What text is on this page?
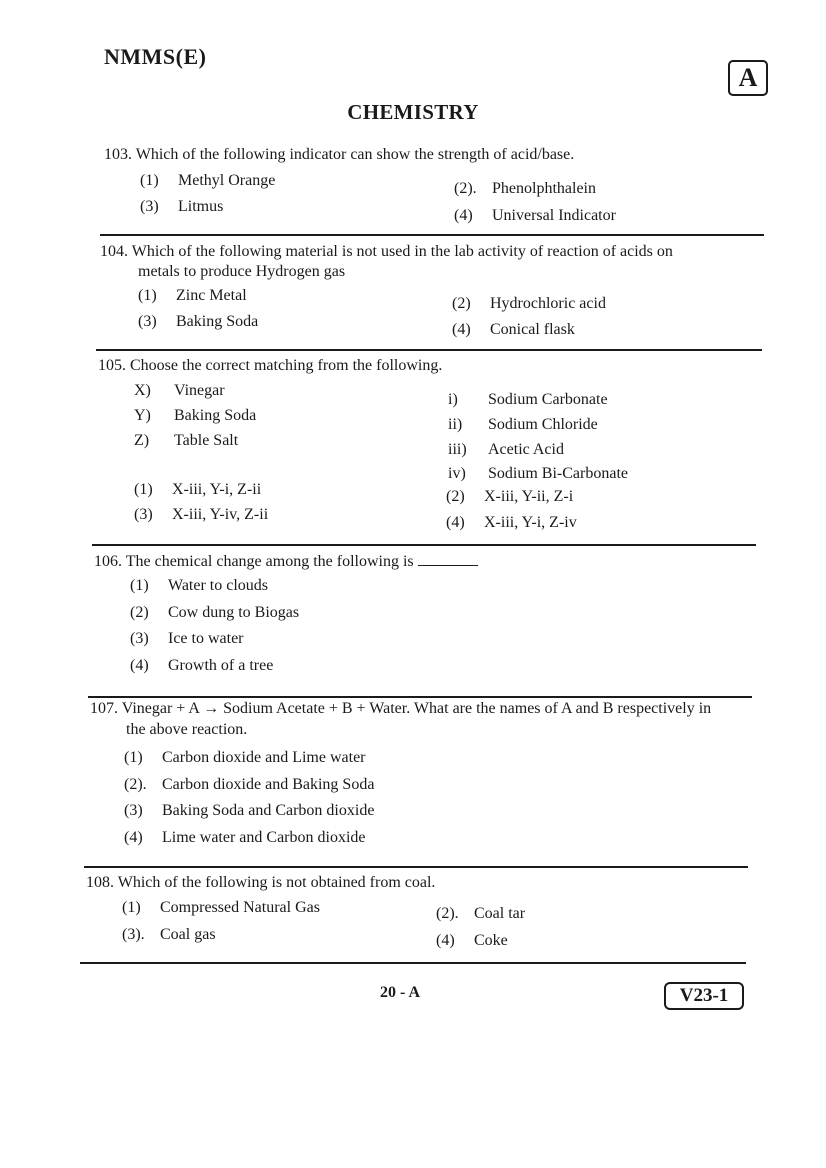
NMMS(E)
A
CHEMISTRY
103. Which of the following indicator can show the strength of acid/base.
(1) Methyl Orange	(2). Phenolphthalein
(3) Litmus
(4) Universal Indicator
104. Which of the following material is not used in the lab activity of reaction of acids on
metals to produce Hydrogen gas
(1) Zinc Metal	(2) Hydrochloric acid
(3) Baking Soda	(4) Conical flask
105. Choose the correct matching from the following.
X) Vinegar
Y) Baking Soda
Z) Table Salt
i) Sodium Carbonate
ii) Sodium Chloride
iii) Acetic Acid
iv) Sodium Bi-Carbonate
(1) X-iii, Y-i, Z-ii	(2) X-iii, Y-ii, Z-i
(3) X-iii, Y-iv, Z-ii	(4) X-iii, Y-i, Z-iv
106. The chemical change among the following is
(1) Water to clouds
(2) Cow dung to Biogas
(3) Ice to water
(4) Growth of a tree
107. Vinegar + A → Sodium Acetate + B + Water. What are the names of A and B respectively in
the above reaction.
(1) Carbon dioxide and Lime water
(2). Carbon dioxide and Baking Soda
(3) Baking Soda and Carbon dioxide
(4) Lime water and Carbon dioxide
108. Which of the following is not obtained from coal.
(1) Compressed Natural Gas	(2). Coal tar
(3). Coal gas	(4) Coke
20 - A	V23-1
